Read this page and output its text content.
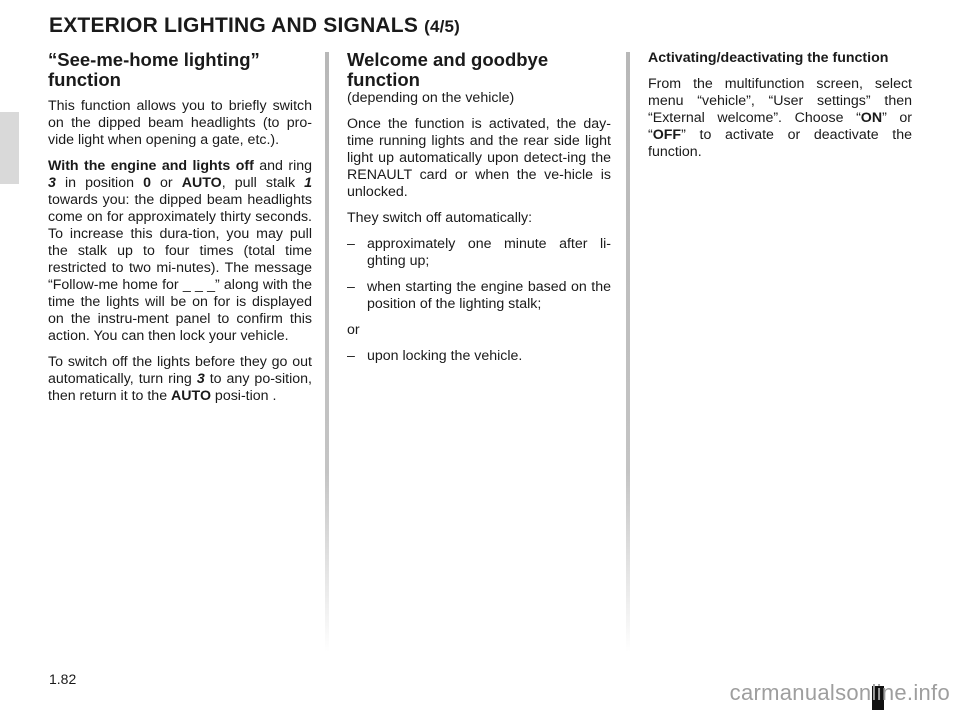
EXTERIOR LIGHTING AND SIGNALS (4/5)
“See-me-home lighting” function

This function allows you to briefly switch on the dipped beam headlights (to pro-vide light when opening a gate, etc.).

With the engine and lights off and ring 3 in position 0 or AUTO, pull stalk 1 towards you: the dipped beam headlights come on for approximately thirty seconds. To increase this dura-tion, you may pull the stalk up to four times (total time restricted to two mi-nutes). The message “Follow-me home for _ _ _” along with the time the lights will be on for is displayed on the instru-ment panel to confirm this action. You can then lock your vehicle.

To switch off the lights before they go out automatically, turn ring 3 to any po-sition, then return it to the AUTO posi-tion .

Welcome and goodbye function
(depending on the vehicle)

Once the function is activated, the day-time running lights and the rear side light light up automatically upon detect-ing the RENAULT card or when the ve-hicle is unlocked.

They switch off automatically:

– approximately one minute after li-ghting up;
– when starting the engine based on the position of the lighting stalk;

or

– upon locking the vehicle.
Activating/deactivating the function

From the multifunction screen, select menu “vehicle”, “User settings” then “External welcome”. Choose “ON” or “OFF” to activate or deactivate the function.

1.82
carmanualsonline.info
